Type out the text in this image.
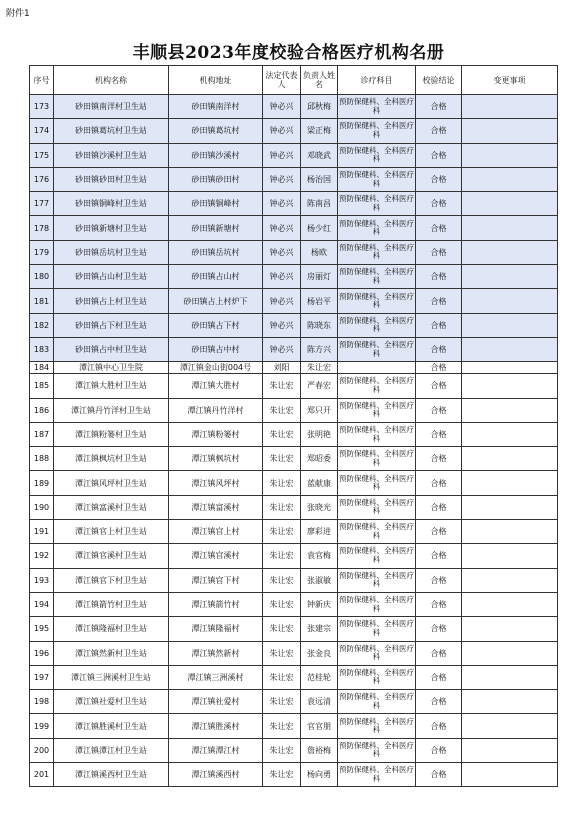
附件1
丰顺县2023年度校验合格医疗机构名册
序号	机构名称	机构地址	法定代表人	负责人姓名	诊疗科目	校验结论	变更事项
173	砂田镇南洋村卫生站	砂田镇南洋村	钟必兴	邱秋梅	预防保健科、全科医疗科	合格	
174	砂田镇葛坑村卫生站	砂田镇葛坑村	钟必兴	梁正梅	预防保健科、全科医疗科	合格	
175	砂田镇沙溪村卫生站	砂田镇沙溪村	钟必兴	邓晓武	预防保健科、全科医疗科	合格	
176	砂田镇砂田村卫生站	砂田镇砂田村	钟必兴	杨治国	预防保健科、全科医疗科	合格	
177	砂田镇铜峰村卫生站	砂田镇铜峰村	钟必兴	陈南昌	预防保健科、全科医疗科	合格	
178	砂田镇新塘村卫生站	砂田镇新塘村	钟必兴	杨少红	预防保健科、全科医疗科	合格	
179	砂田镇岳坑村卫生站	砂田镇岳坑村	钟必兴	杨欧	预防保健科、全科医疗科	合格	
180	砂田镇占山村卫生站	砂田镇占山村	钟必兴	房丽灯	预防保健科、全科医疗科	合格	
181	砂田镇占上村卫生站	砂田镇占上村炉下	钟必兴	杨岩平	预防保健科、全科医疗科	合格	
182	砂田镇占下村卫生站	砂田镇占下村	钟必兴	陈晓东	预防保健科、全科医疗科	合格	
183	砂田镇占中村卫生站	砂田镇占中村	钟必兴	陈方兴	预防保健科、全科医疗科	合格	
184	潭江镇中心卫生院	潭江镇金山街004号	刘阳	朱让宏		合格	
185	潭江镇大胜村卫生站	潭江镇大胜村	朱让宏	严春宏	预防保健科、全科医疗科	合格	
186	潭江镇丹竹洋村卫生站	潭江镇丹竹洋村	朱让宏	郑只开	预防保健科、全科医疗科	合格	
187	潭江镇粉篓村卫生站	潭江镇粉篓村	朱让宏	张明艳	预防保健科、全科医疗科	合格	
188	潭江镇枫坑村卫生站	潭江镇枫坑村	朱让宏	郑昭委	预防保健科、全科医疗科	合格	
189	潭江镇风坪村卫生站	潭江镇风坪村	朱让宏	蓝献康	预防保健科、全科医疗科	合格	
190	潭江镇富溪村卫生站	潭江镇富溪村	朱让宏	张晓光	预防保健科、全科医疗科	合格	
191	潭江镇官上村卫生站	潭江镇官上村	朱让宏	廖彩进	预防保健科、全科医疗科	合格	
192	潭江镇官溪村卫生站	潭江镇官溪村	朱让宏	袁官梅	预防保健科、全科医疗科	合格	
193	潭江镇官下村卫生站	潭江镇官下村	朱让宏	张淑敏	预防保健科、全科医疗科	合格	
194	潭江镇箭竹村卫生站	潭江镇箭竹村	朱让宏	钟新庆	预防保健科、全科医疗科	合格	
195	潭江镇隆福村卫生站	潭江镇隆福村	朱让宏	张建宗	预防保健科、全科医疗科	合格	
196	潭江镇然新村卫生站	潭江镇然新村	朱让宏	张金良	预防保健科、全科医疗科	合格	
197	潭江镇三洲溪村卫生站	潭江镇三洲溪村	朱让宏	范桂轮	预防保健科、全科医疗科	合格	
198	潭江镇社爱村卫生站	潭江镇社爱村	朱让宏	袁远清	预防保健科、全科医疗科	合格	
199	潭江镇胜溪村卫生站	潭江镇胜溪村	朱让宏	官官朋	预防保健科、全科医疗科	合格	
200	潭江镇潭江村卫生站	潭江镇潭江村	朱让宏	詹裕梅	预防保健科、全科医疗科	合格	
201	潭江镇溪西村卫生站	潭江镇溪西村	朱让宏	杨向勇	预防保健科、全科医疗科	合格	
